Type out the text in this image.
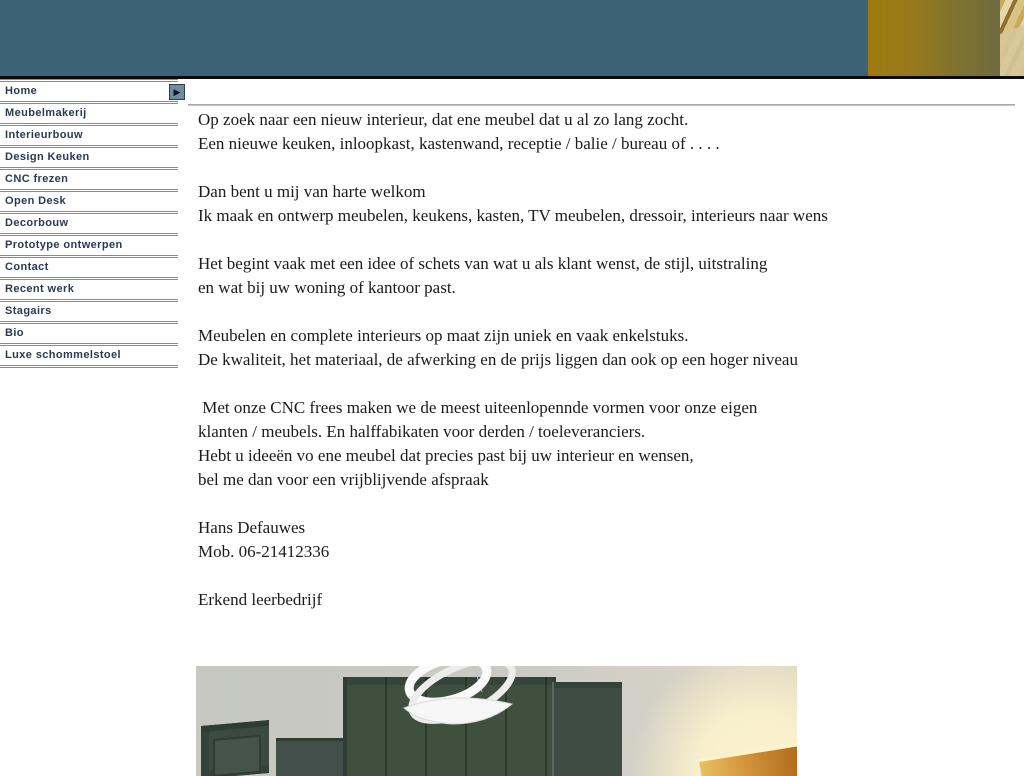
Home	▶
Meubelmakerij
Interieurbouw
Design Keuken
CNC frezen
Open Desk
Decorbouw
Prototype ontwerpen
Contact
Recent werk
Stagairs
Bio
Luxe schommelstoel
Op zoek naar een nieuw interieur, dat ene meubel dat u al zo lang zocht.
Een nieuwe keuken, inloopkast, kastenwand, receptie / balie / bureau of . . . .
Dan bent u mij van harte welkom
Ik maak en ontwerp meubelen, keukens, kasten, TV meubelen, dressoir, interieurs naar wens
Het begint vaak met een idee of schets van wat u als klant wenst, de stijl, uitstraling
en wat bij uw woning of kantoor past.
Meubelen en complete interieurs op maat zijn uniek en vaak enkelstuks.
De kwaliteit, het materiaal, de afwerking en de prijs liggen dan ook op een hoger niveau
Met onze CNC frees maken we de meest uiteenlopennde vormen voor onze eigen
klanten / meubels. En halffabikaten voor derden / toeleveranciers.
Hebt u ideeën vo ene meubel dat precies past bij uw interieur en wensen,
bel me dan voor een vrijblijvende afspraak
Hans Defauwes
Mob. 06-21412336
Erkend leerbedrijf
